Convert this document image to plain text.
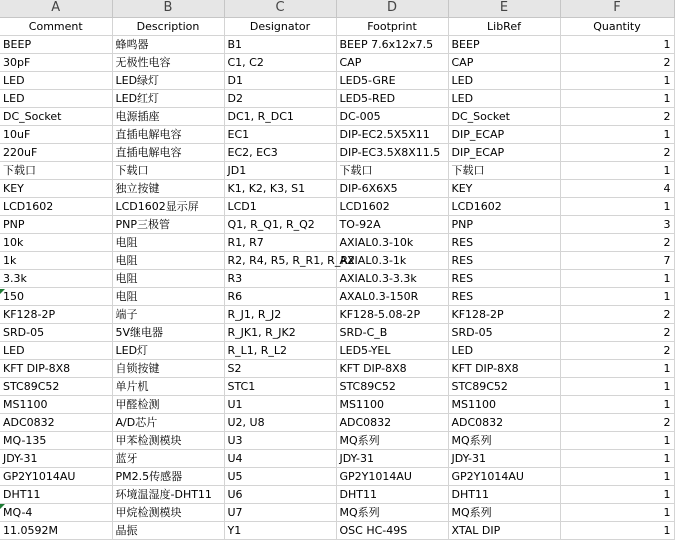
A	B	C	D	E	F
Comment	Description	Designator	Footprint	LibRef	Quantity
BEEP	蜂鸣器	B1	BEEP 7.6x12x7.5	BEEP	1
30pF	无极性电容	C1, C2	CAP	CAP	2
LED	LED绿灯	D1	LED5-GRE	LED	1
LED	LED红灯	D2	LED5-RED	LED	1
DC_Socket	电源插座	DC1, R_DC1	DC-005	DC_Socket	2
10uF	直插电解电容	EC1	DIP-EC2.5X5X11	DIP_ECAP	1
220uF	直插电解电容	EC2, EC3	DIP-EC3.5X8X11.5	DIP_ECAP	2
下载口	下载口	JD1	下载口	下载口	1
KEY	独立按键	K1, K2, K3, S1	DIP-6X6X5	KEY	4
LCD1602	LCD1602显示屏	LCD1	LCD1602	LCD1602	1
PNP	PNP三极管	Q1, R_Q1, R_Q2	TO-92A	PNP	3
10k	电阻	R1, R7	AXIAL0.3-10k	RES	2
1k	电阻	R2, R4, R5, R_R1, R_R2	AXIAL0.3-1k	RES	7
3.3k	电阻	R3	AXIAL0.3-3.3k	RES	1
150	电阻	R6	AXAL0.3-150R	RES	1
KF128-2P	端子	R_J1, R_J2	KF128-5.08-2P	KF128-2P	2
SRD-05	5V继电器	R_JK1, R_JK2	SRD-C_B	SRD-05	2
LED	LED灯	R_L1, R_L2	LED5-YEL	LED	2
KFT DIP-8X8	自锁按键	S2	KFT DIP-8X8	KFT DIP-8X8	1
STC89C52	单片机	STC1	STC89C52	STC89C52	1
MS1100	甲醛检测	U1	MS1100	MS1100	1
ADC0832	A/D芯片	U2, U8	ADC0832	ADC0832	2
MQ-135	甲苯检测模块	U3	MQ系列	MQ系列	1
JDY-31	蓝牙	U4	JDY-31	JDY-31	1
GP2Y1014AU	PM2.5传感器	U5	GP2Y1014AU	GP2Y1014AU	1
DHT11	环境温湿度-DHT11	U6	DHT11	DHT11	1
MQ-4	甲烷检测模块	U7	MQ系列	MQ系列	1
11.0592M	晶振	Y1	OSC HC-49S	XTAL DIP	1
